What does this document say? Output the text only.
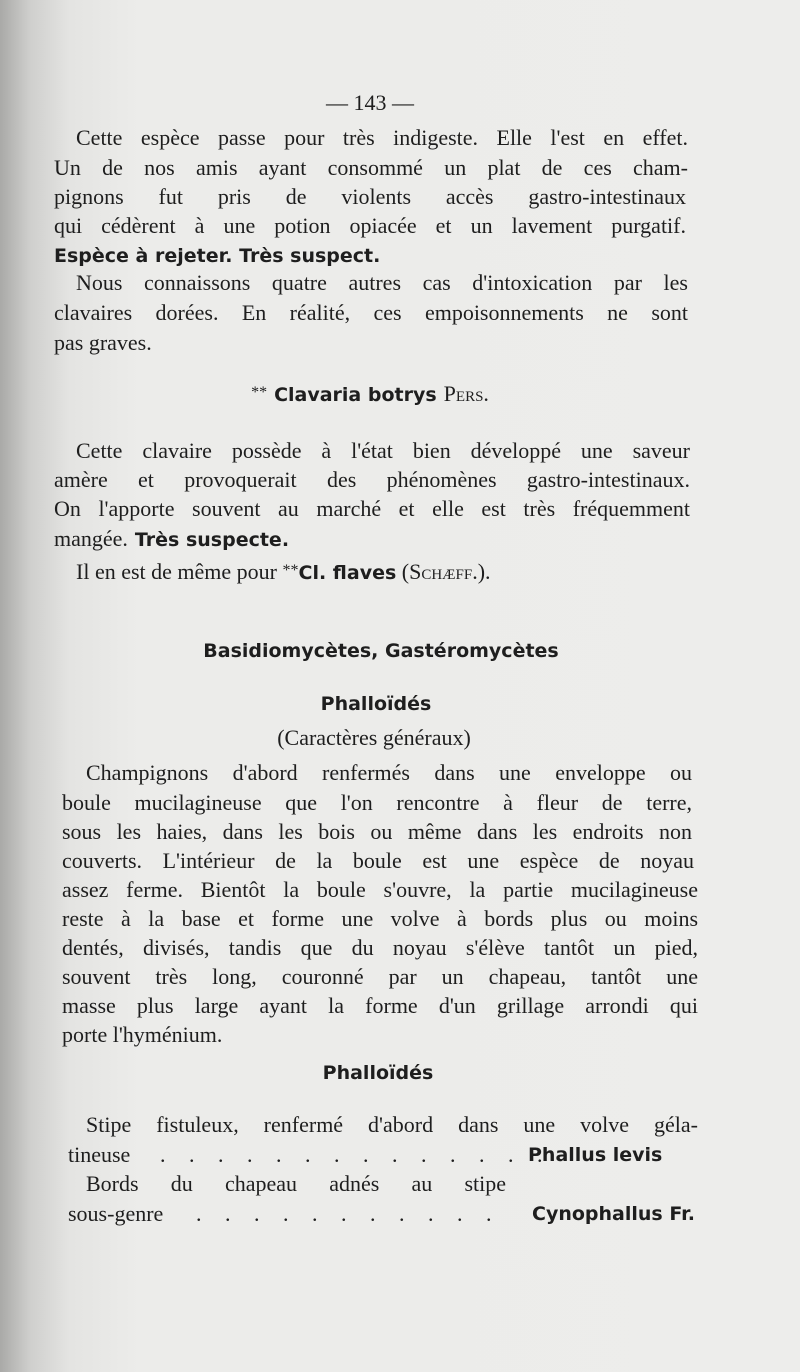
— 143 —
Cette espèce passe pour très indigeste. Elle l'est en effet.
Un de nos amis ayant consommé un plat de ces cham-
pignons fut pris de violents accès gastro-intestinaux
qui cédèrent à une potion opiacée et un lavement purgatif.
Espèce à rejeter. Très suspect.
Nous connaissons quatre autres cas d'intoxication par les
clavaires dorées. En réalité, ces empoisonnements ne sont
pas graves.
** Clavaria botrys Pers.
Cette clavaire possède à l'état bien développé une saveur
amère et provoquerait des phénomènes gastro-intestinaux.
On l'apporte souvent au marché et elle est très fréquemment
mangée. Très suspecte.
Il en est de même pour **Cl. flaves (Schæff.).
Basidiomycètes, Gastéromycètes
Phalloïdés
(Caractères généraux)
Champignons d'abord renfermés dans une enveloppe ou
boule mucilagineuse que l'on rencontre à fleur de terre,
sous les haies, dans les bois ou même dans les endroits non
couverts. L'intérieur de la boule est une espèce de noyau
assez ferme. Bientôt la boule s'ouvre, la partie mucilagineuse
reste à la base et forme une volve à bords plus ou moins
dentés, divisés, tandis que du noyau s'élève tantôt un pied,
souvent très long, couronné par un chapeau, tantôt une
masse plus large ayant la forme d'un grillage arrondi qui
porte l'hyménium.
Phalloïdés
Stipe fistuleux, renfermé d'abord dans une volve géla-
tineuse . . . . . . . . . . . . . .
Phallus levis
Bords du chapeau adnés au stipe
sous-genre . . . . . . . . . . . Cynophallus Fr.
